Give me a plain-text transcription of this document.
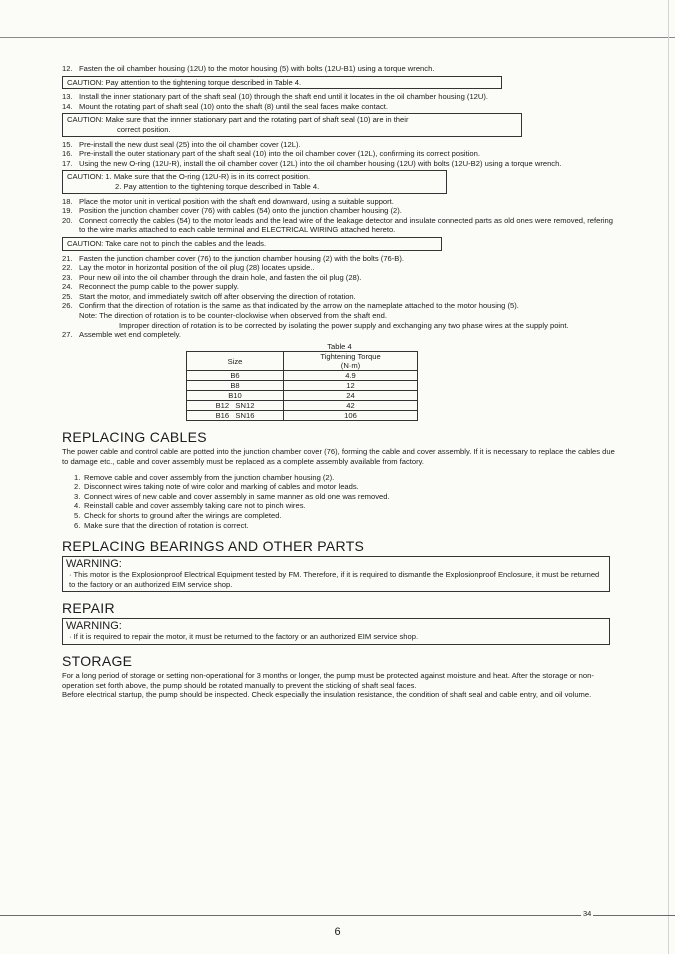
12. Fasten the oil chamber housing (12U) to the motor housing (5) with bolts (12U-B1) using a torque wrench.
CAUTION: Pay attention to the tightening torque described in Table 4.
13. Install the inner stationary part of the shaft seal (10) through the shaft end until it locates in the oil chamber housing (12U).
14. Mount the rotating part of shaft seal (10) onto the shaft (8) until the seal faces make contact.
CAUTION: Make sure that the innner stationary part and the rotating part of shaft seal (10) are in their
correct position.
15. Pre-install the new dust seal (25) into the oil chamber cover (12L).
16. Pre-install the outer stationary part of the shaft seal (10) into the oil chamber cover (12L), confirming its correct position.
17. Using the new O-ring (12U-R), install the oil chamber cover (12L) into the oil chamber housing (12U) with bolts (12U-B2) using a torque wrench.
CAUTION: 1. Make sure that the O-ring (12U-R) is in its correct position.
2. Pay attention to the tightening torque described in Table 4.
18. Place the motor unit in vertical position with the shaft end downward, using a suitable support.
19. Position the junction chamber cover (76) with cables (54) onto the junction chamber housing (2).
20. Connect correctly the cables (54) to the motor leads and the lead wire of the leakage detector and insulate connected parts as old ones were removed, refering to the wire marks attached to each cable terminal and ELECTRICAL WIRING attached hereto.
CAUTION: Take care not to pinch the cables and the leads.
21. Fasten the junction chamber cover (76) to the junction chamber housing (2) with the bolts (76-B).
22. Lay the motor in horizontal position of the oil plug (28) locates upside..
23. Pour new oil into the oil chamber through the drain hole, and fasten the oil plug (28).
24. Reconnect the pump cable to the power supply.
25. Start the motor, and immediately switch off after observing the direction of rotation.
26. Confirm that the direction of rotation is the same as that indicated by the arrow on the nameplate attached to the motor housing (5).
Note: The direction of rotation is to be counter-clockwise when observed from the shaft end.
Improper direction of rotation is to be corrected by isolating the power supply and exchanging any two phase wires at the supply point.
27. Assemble wet end completely.
Table 4
Size	Tightening Torque
(N·m)

B6	4.9
B8	12
B10	24
B12   SN12	42
B16   SN16	106
REPLACING CABLES

The power cable and control cable are potted into the junction chamber cover (76), forming the cable and cover assembly. If it is necessary to replace the cables due to damage etc., cable and cover assembly must be replaced as a complete assembly available from factory.

1. Remove cable and cover assembly from the junction chamber housing (2).
2. Disconnect wires taking note of wire color and marking of cables and motor leads.
3. Connect wires of new cable and cover assembly in same manner as old one was removed.
4. Reinstall cable and cover assembly taking care not to pinch wires.
5. Check for shorts to ground after the wirings are completed.
6. Make sure that the direction of rotation is correct.
REPLACING BEARINGS AND OTHER PARTS
WARNING:
· This motor is the Explosionproof Electrical Equipment tested by FM. Therefore, if it is required to dismantle the Explosionproof Enclosure, it must be returned to the factory or an authorized EIM service shop.
REPAIR
WARNING:
· If it is required to repair the motor, it must be returned to the factory or an authorized EIM service shop.
STORAGE

For a long period of storage or setting non-operational for 3 months or longer, the pump must be protected against moisture and heat. After the storage or non-operation set forth above, the pump should be rotated manually to prevent the sticking of shaft seal faces.

Before electrical startup, the pump should be inspected. Check especially the insulation resistance, the condition of shaft seal and cable entry, and oil volume.

34
6
